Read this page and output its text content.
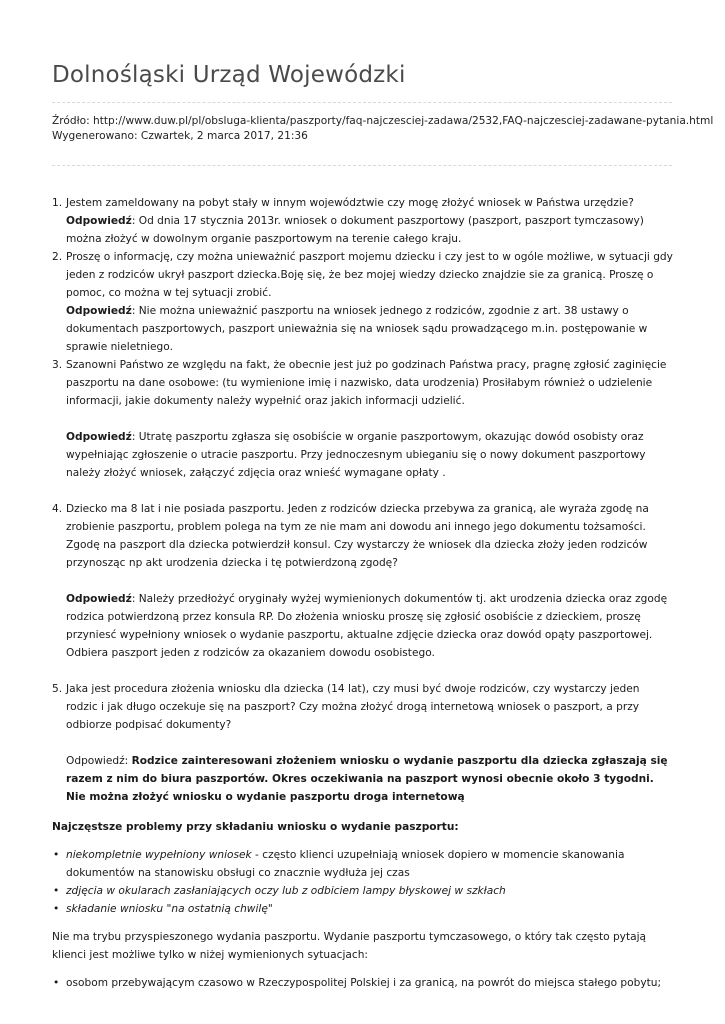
Dolnośląski Urząd Wojewódzki
Źródło: http://www.duw.pl/pl/obsluga-klienta/paszporty/faq-najczesciej-zadawa/2532,FAQ-najczesciej-zadawane-pytania.html
Wygenerowano: Czwartek, 2 marca 2017, 21:36
1. Jestem zameldowany na pobyt stały w innym województwie czy mogę złożyć wniosek w Państwa urzędzie?
Odpowiedź: Od dnia 17 stycznia 2013r. wniosek o dokument paszportowy (paszport, paszport tymczasowy) można złożyć w dowolnym organie paszportowym na terenie całego kraju.
2. Proszę o informację, czy można unieważnić paszport mojemu dziecku i czy jest to w ogóle możliwe, w sytuacji gdy jeden z rodziców ukrył paszport dziecka.Boję się, że bez mojej wiedzy dziecko znajdzie sie za granicą. Proszę o pomoc, co można w tej sytuacji zrobić.
Odpowiedź: Nie można unieważnić paszportu na wniosek jednego z rodziców, zgodnie z art. 38 ustawy o dokumentach paszportowych, paszport unieważnia się na wniosek sądu prowadzącego m.in. postępowanie w sprawie nieletniego.
3. Szanowni Państwo ze względu na fakt, że obecnie jest już po godzinach Państwa pracy, pragnę zgłosić zaginięcie paszportu na dane osobowe: (tu wymienione imię i nazwisko, data urodzenia) Prosiłabym również o udzielenie informacji, jakie dokumenty należy wypełnić oraz jakich informacji udzielić.
Odpowiedź: Utratę paszportu zgłasza się osobiście w organie paszportowym, okazując dowód osobisty oraz wypełniając zgłoszenie o utracie paszportu. Przy jednoczesnym ubieganiu się o nowy dokument paszportowy należy złożyć wniosek, załączyć zdjęcia oraz wnieść wymagane opłaty .
4. Dziecko ma 8 lat i nie posiada paszportu. Jeden z rodziców dziecka przebywa za granicą, ale wyraża zgodę na zrobienie paszportu, problem polega na tym ze nie mam ani dowodu ani innego jego dokumentu tożsamości. Zgodę na paszport dla dziecka potwierdził konsul. Czy wystarczy że wniosek dla dziecka złoży jeden rodziców przynosząc np akt urodzenia dziecka i tę potwierdzoną zgodę?
Odpowiedź: Należy przedłożyć oryginały wyżej wymienionych dokumentów tj. akt urodzenia dziecka oraz zgodę rodzica potwierdzoną przez konsula RP. Do złożenia wniosku proszę się zgłosić osobiście z dzieckiem, proszę przyniesć wypełniony wniosek o wydanie paszportu, aktualne zdjęcie dziecka oraz dowód opąty paszportowej. Odbiera paszport jeden z rodziców za okazaniem dowodu osobistego.
5. Jaka jest procedura złożenia wniosku dla dziecka (14 lat), czy musi być dwoje rodziców, czy wystarczy jeden rodzic i jak długo oczekuje się na paszport? Czy można złożyć drogą internetową wniosek o paszport, a przy odbiorze podpisać dokumenty?
Odpowiedź: Rodzice zainteresowani złożeniem wniosku o wydanie paszportu dla dziecka zgłaszają się razem z nim do biura paszportów. Okres oczekiwania na paszport wynosi obecnie około 3 tygodni. Nie można złożyć wniosku o wydanie paszportu droga internetową
Najczęstsze problemy przy składaniu wniosku o wydanie paszportu:
• niekompletnie wypełniony wniosek - często klienci uzupełniają wniosek dopiero w momencie skanowania dokumentów na stanowisku obsługi co znacznie wydłuża jej czas
• zdjęcia w okularach zasłaniających oczy lub z odbiciem lampy błyskowej w szkłach
• składanie wniosku "na ostatnią chwilę"
Nie ma trybu przyspieszonego wydania paszportu. Wydanie paszportu tymczasowego, o który tak często pytają klienci jest możliwe tylko w niżej wymienionych sytuacjach:
• osobom przebywającym czasowo w Rzeczypospolitej Polskiej i za granicą, na powrót do miejsca stałego pobytu;
